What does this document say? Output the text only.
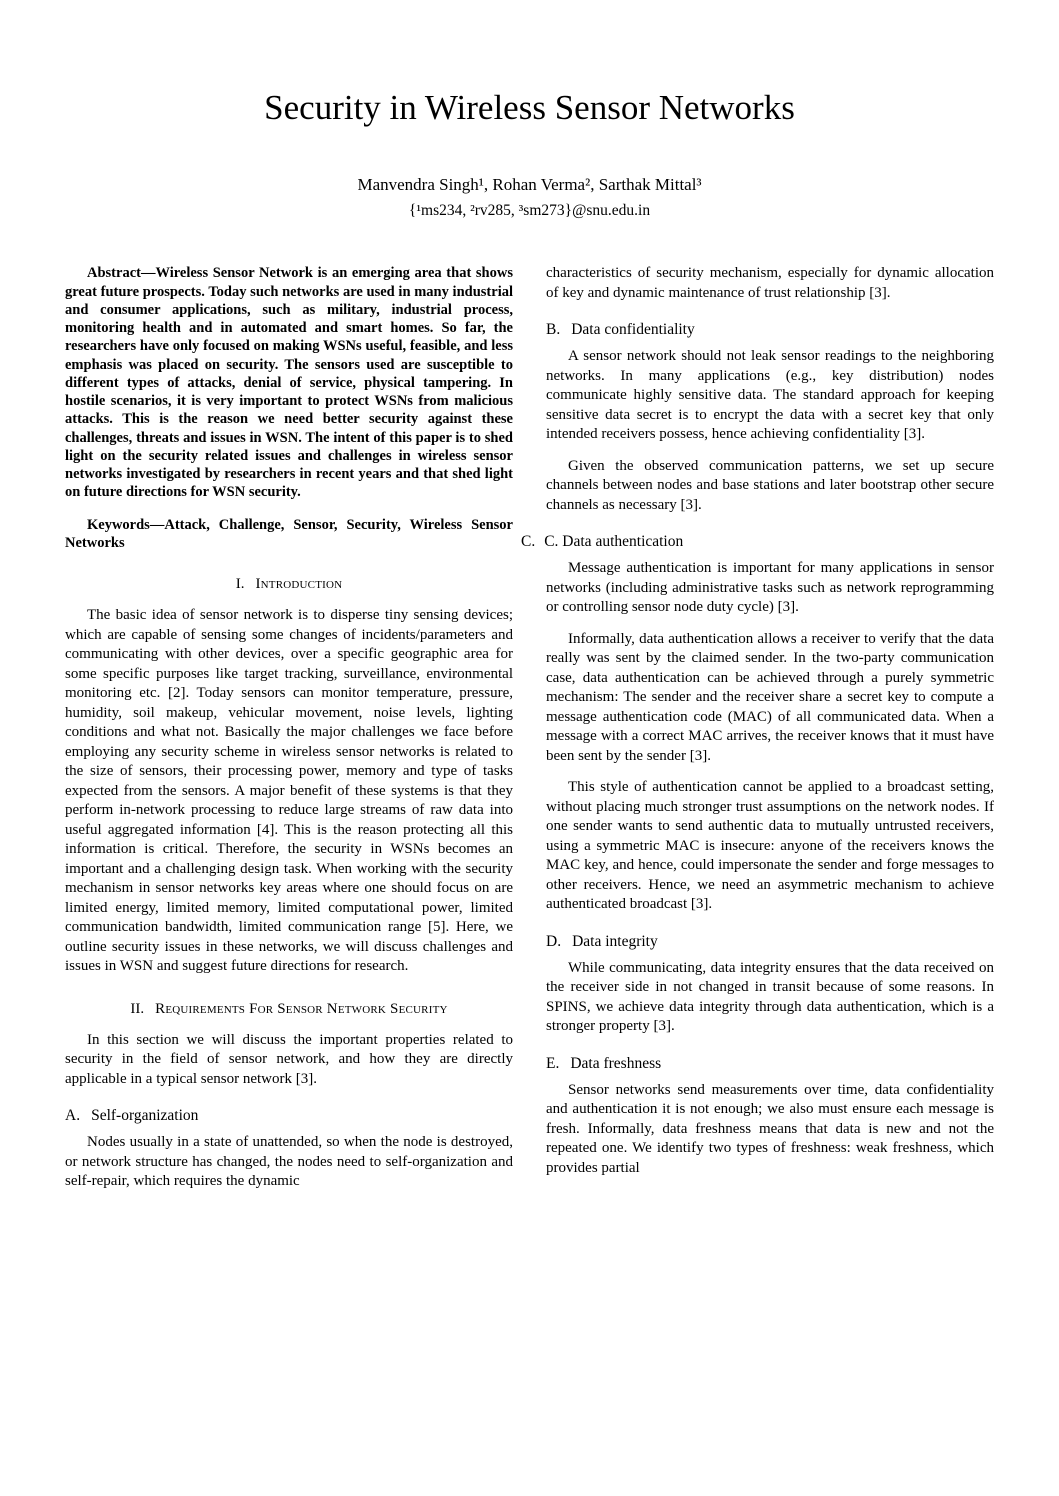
Security in Wireless Sensor Networks
Manvendra Singh¹, Rohan Verma², Sarthak Mittal³
{¹ms234, ²rv285, ³sm273}@snu.edu.in

Abstract—Wireless Sensor Network is an emerging area that shows great future prospects. Today such networks are used in many industrial and consumer applications, such as military, industrial process, monitoring health and in automated and smart homes. So far, the researchers have only focused on making WSNs useful, feasible, and less emphasis was placed on security. The sensors used are susceptible to different types of attacks, denial of service, physical tampering. In hostile scenarios, it is very important to protect WSNs from malicious attacks. This is the reason we need better security against these challenges, threats and issues in WSN. The intent of this paper is to shed light on the security related issues and challenges in wireless sensor networks investigated by researchers in recent years and that shed light on future directions for WSN security.

Keywords—Attack, Challenge, Sensor, Security, Wireless Sensor Networks

I. Introduction

The basic idea of sensor network is to disperse tiny sensing devices; which are capable of sensing some changes of incidents/parameters and communicating with other devices, over a specific geographic area for some specific purposes like target tracking, surveillance, environmental monitoring etc. [2]. Today sensors can monitor temperature, pressure, humidity, soil makeup, vehicular movement, noise levels, lighting conditions and what not. Basically the major challenges we face before employing any security scheme in wireless sensor networks is related to the size of sensors, their processing power, memory and type of tasks expected from the sensors. A major benefit of these systems is that they perform in-network processing to reduce large streams of raw data into useful aggregated information [4]. This is the reason protecting all this information is critical. Therefore, the security in WSNs becomes an important and a challenging design task. When working with the security mechanism in sensor networks key areas where one should focus on are limited energy, limited memory, limited computational power, limited communication bandwidth, limited communication range [5]. Here, we outline security issues in these networks, we will discuss challenges and issues in WSN and suggest future directions for research.

II. Requirements For Sensor Network Security

In this section we will discuss the important properties related to security in the field of sensor network, and how they are directly applicable in a typical sensor network [3].

A. Self-organization

Nodes usually in a state of unattended, so when the node is destroyed, or network structure has changed, the nodes need to self-organization and self-repair, which requires the dynamic

characteristics of security mechanism, especially for dynamic allocation of key and dynamic maintenance of trust relationship [3].

B. Data confidentiality

A sensor network should not leak sensor readings to the neighboring networks. In many applications (e.g., key distribution) nodes communicate highly sensitive data. The standard approach for keeping sensitive data secret is to encrypt the data with a secret key that only intended receivers possess, hence achieving confidentiality [3].

Given the observed communication patterns, we set up secure channels between nodes and base stations and later bootstrap other secure channels as necessary [3].

C. C. Data authentication

Message authentication is important for many applications in sensor networks (including administrative tasks such as network reprogramming or controlling sensor node duty cycle) [3].

Informally, data authentication allows a receiver to verify that the data really was sent by the claimed sender. In the two-party communication case, data authentication can be achieved through a purely symmetric mechanism: The sender and the receiver share a secret key to compute a message authentication code (MAC) of all communicated data. When a message with a correct MAC arrives, the receiver knows that it must have been sent by the sender [3].

This style of authentication cannot be applied to a broadcast setting, without placing much stronger trust assumptions on the network nodes. If one sender wants to send authentic data to mutually untrusted receivers, using a symmetric MAC is insecure: anyone of the receivers knows the MAC key, and hence, could impersonate the sender and forge messages to other receivers. Hence, we need an asymmetric mechanism to achieve authenticated broadcast [3].

D. Data integrity

While communicating, data integrity ensures that the data received on the receiver side in not changed in transit because of some reasons. In SPINS, we achieve data integrity through data authentication, which is a stronger property [3].

E. Data freshness

Sensor networks send measurements over time, data confidentiality and authentication it is not enough; we also must ensure each message is fresh. Informally, data freshness means that data is new and not the repeated one. We identify two types of freshness: weak freshness, which provides partial
